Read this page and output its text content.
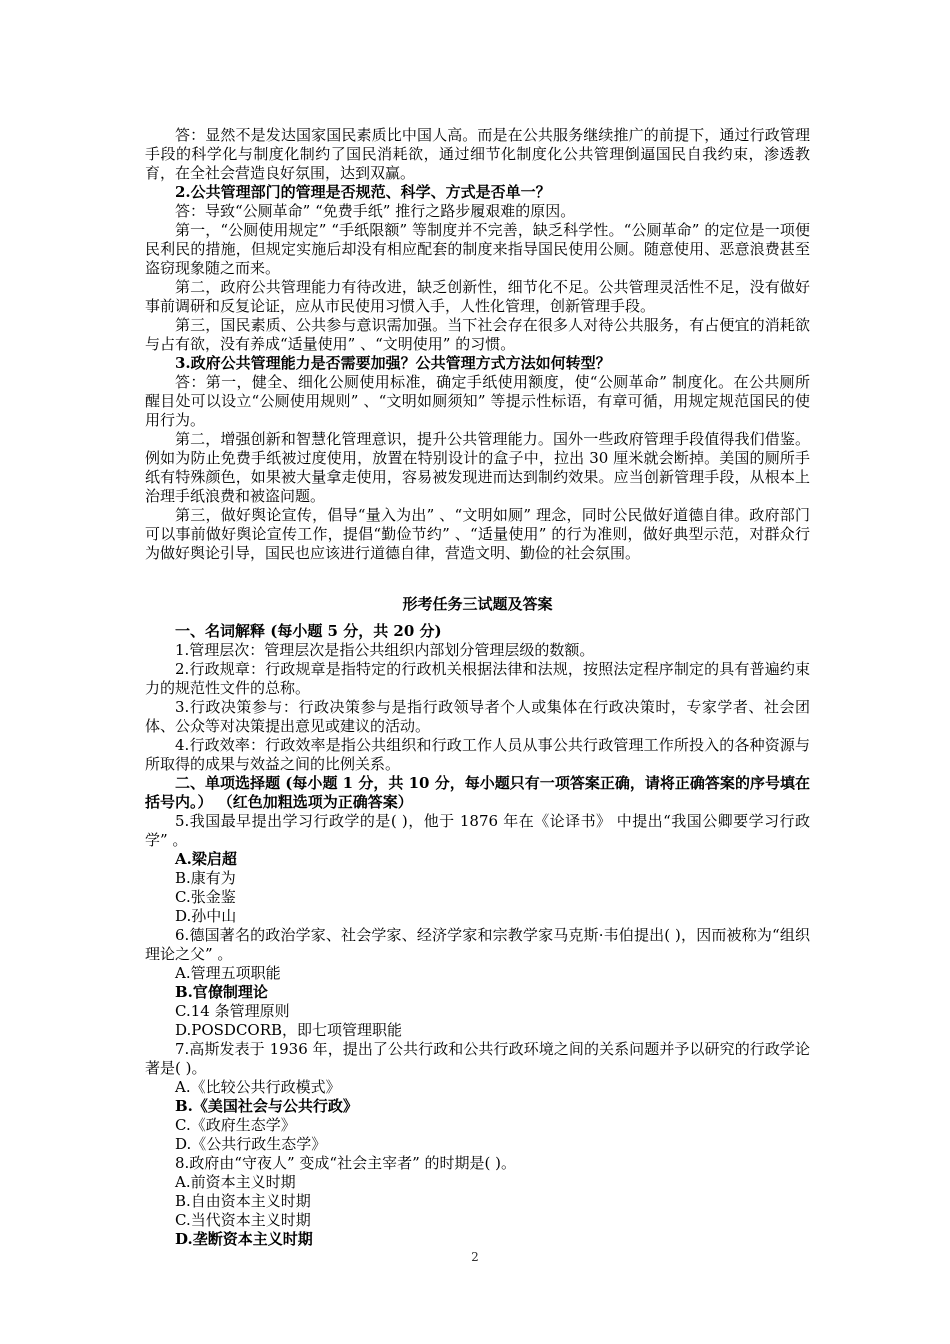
答：显然不是发达国家国民素质比中国人高。而是在公共服务继续推广的前提下，通过行政管理手段的科学化与制度化制约了国民消耗欲，通过细节化制度化公共管理倒逼国民自我约束，渗透教育，在全社会营造良好氛围，达到双赢。

2.公共管理部门的管理是否规范、科学、方式是否单一？

答：导致“公厕革命” “免费手纸” 推行之路步履艰难的原因。

第一，“公厕使用规定” “手纸限额” 等制度并不完善，缺乏科学性。“公厕革命” 的定位是一项便民利民的措施，但规定实施后却没有相应配套的制度来指导国民使用公厕。随意使用、恶意浪费甚至盗窃现象随之而来。

第二，政府公共管理能力有待改进，缺乏创新性，细节化不足。公共管理灵活性不足，没有做好事前调研和反复论证，应从市民使用习惯入手，人性化管理，创新管理手段。

第三，国民素质、公共参与意识需加强。当下社会存在很多人对待公共服务，有占便宜的消耗欲与占有欲，没有养成“适量使用” 、“文明使用” 的习惯。

3.政府公共管理能力是否需要加强？公共管理方式方法如何转型？

答：第一，健全、细化公厕使用标准，确定手纸使用额度，使“公厕革命” 制度化。在公共厕所醒目处可以设立“公厕使用规则” 、“文明如厕须知” 等提示性标语，有章可循，用规定规范国民的使用行为。

第二，增强创新和智慧化管理意识，提升公共管理能力。国外一些政府管理手段值得我们借鉴。例如为防止免费手纸被过度使用，放置在特别设计的盒子中，拉出 30 厘米就会断掉。美国的厕所手纸有特殊颜色，如果被大量拿走使用，容易被发现进而达到制约效果。应当创新管理手段，从根本上治理手纸浪费和被盗问题。

第三，做好舆论宣传，倡导“量入为出” 、“文明如厕” 理念，同时公民做好道德自律。政府部门可以事前做好舆论宣传工作，提倡“勤俭节约” 、“适量使用” 的行为准则，做好典型示范，对群众行为做好舆论引导，国民也应该进行道德自律，营造文明、勤俭的社会氛围。

形考任务三试题及答案

一、名词解释 (每小题 5 分，共 20 分)

1.管理层次：管理层次是指公共组织内部划分管理层级的数额。

2.行政规章：行政规章是指特定的行政机关根据法律和法规，按照法定程序制定的具有普遍约束力的规范性文件的总称。

3.行政决策参与：行政决策参与是指行政领导者个人或集体在行政决策时，专家学者、社会团体、公众等对决策提出意见或建议的活动。

4.行政效率：行政效率是指公共组织和行政工作人员从事公共行政管理工作所投入的各种资源与所取得的成果与效益之间的比例关系。

二、单项选择题 (每小题 1 分，共 10 分，每小题只有一项答案正确，请将正确答案的序号填在括号内。） （红色加粗选项为正确答案）

5.我国最早提出学习行政学的是( )，他于 1876 年在《论译书》 中提出“我国公卿要学习行政学” 。

A.梁启超

B.康有为

C.张金鉴

D.孙中山

6.德国著名的政治学家、社会学家、经济学家和宗教学家马克斯·韦伯提出( )，因而被称为“组织理论之父” 。

A.管理五项职能

B.官僚制理论

C.14 条管理原则

D.POSDCORB，即七项管理职能

7.高斯发表于 1936 年，提出了公共行政和公共行政环境之间的关系问题并予以研究的行政学论著是( )。

A.《比较公共行政模式》

B.《美国社会与公共行政》

C.《政府生态学》

D.《公共行政生态学》

8.政府由“守夜人” 变成“社会主宰者” 的时期是( )。

A.前资本主义时期

B.自由资本主义时期

C.当代资本主义时期

D.垄断资本主义时期

2
